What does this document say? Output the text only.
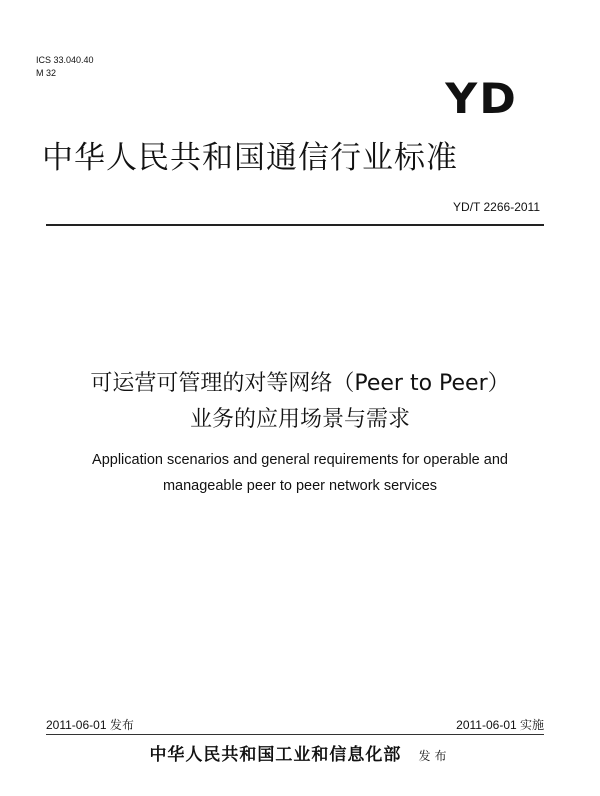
ICS 33.040.40
M 32
YD
中华人民共和国通信行业标准
YD/T 2266-2011
可运营可管理的对等网络（Peer to Peer）
业务的应用场景与需求
Application scenarios and general requirements for operable and
manageable peer to peer network services
2011-06-01 发布	2011-06-01 实施
中华人民共和国工业和信息化部 发布
